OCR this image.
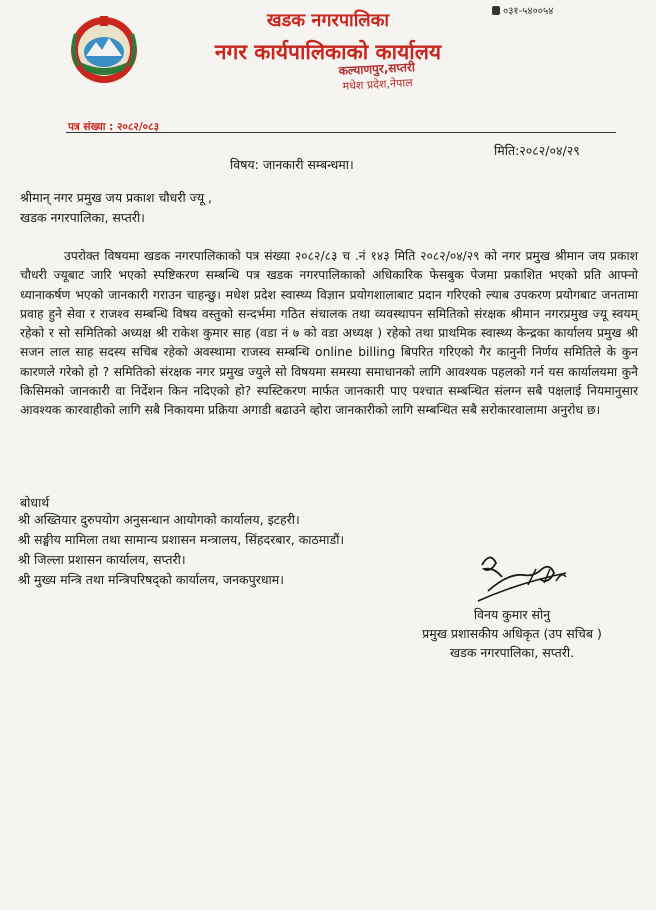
०३१-५४००५४
खडक नगरपालिका
नगर कार्यपालिकाको कार्यालय
कल्याणपुर,सप्तरी
मधेश प्रदेश,नेपाल
पत्र संख्या : २०८२/०८३
मिति:२०८२/०४/२९
विषय: जानकारी सम्बन्धमा।
श्रीमान् नगर प्रमुख जय प्रकाश चौधरी ज्यू ,
खडक नगरपालिका, सप्तरी।
उपरोक्त विषयमा खडक नगरपालिकाको पत्र संख्या २०८२/८३ च .नं १४३ मिति २०८२/०४/२९ को नगर प्रमुख श्रीमान जय प्रकाश चौधरी ज्यूबाट जारि भएको स्पष्टिकरण सम्बन्धि पत्र खडक नगरपालिकाको अधिकारिक फेसबुक पेजमा प्रकाशित भएको प्रति आफ्नो ध्यानाकर्षण भएको जानकारी गराउन चाहन्छु। मधेश प्रदेश स्वास्थ्य विज्ञान प्रयोगशालाबाट प्रदान गरिएको ल्याब उपकरण प्रयोगबाट जनतामा प्रवाह हुने सेवा र राजश्व सम्बन्धि विषय वस्तुको सन्दर्भमा गठित संचालक तथा व्यवस्थापन समितिको संरक्षक श्रीमान नगरप्रमुख ज्यू स्वयम् रहेको र सो समितिको अध्यक्ष श्री राकेश कुमार साह (वडा नं ७ को वडा अध्यक्ष ) रहेको तथा प्राथमिक स्वास्थ्य केन्द्रका कार्यालय प्रमुख श्री सजन लाल साह सदस्य सचिब रहेको अवस्थामा राजस्व सम्बन्धि online billing बिपरित गरिएको गैर कानुनी निर्णय समितिले के कुन कारणले गरेको हो ? समितिको संरक्षक नगर प्रमुख ज्युले सो विषयमा समस्या समाधानको लागि आवश्यक पहलको गर्न यस कार्यालयमा कुनै किसिमको जानकारी वा निर्देशन किन नदिएको हो? स्पस्टिकरण मार्फत जानकारी पाए पश्चात सम्बन्धित संलग्न सबै पक्षलाई नियमानुसार आवश्यक कारवाहीको लागि सबै निकायमा प्रक्रिया अगाडी बढाउने व्होरा जानकारीको लागि सम्बन्धित सबै सरोकारवालामा अनुरोध छ।
बोधार्थ
श्री अख्तियार दुरुपयोग अनुसन्धान आयोगको कार्यालय, इटहरी।
श्री सङ्घीय मामिला तथा सामान्य प्रशासन मन्त्रालय, सिंहदरबार, काठमाडौं।
श्री जिल्ला प्रशासन कार्यालय, सप्तरी।
श्री मुख्य मन्त्रि तथा मन्त्रिपरिषद्को कार्यालय, जनकपुरधाम।
विनय कुमार सोनु
प्रमुख प्रशासकीय अधिकृत (उप सचिब )
खडक नगरपालिका, सप्तरी.
